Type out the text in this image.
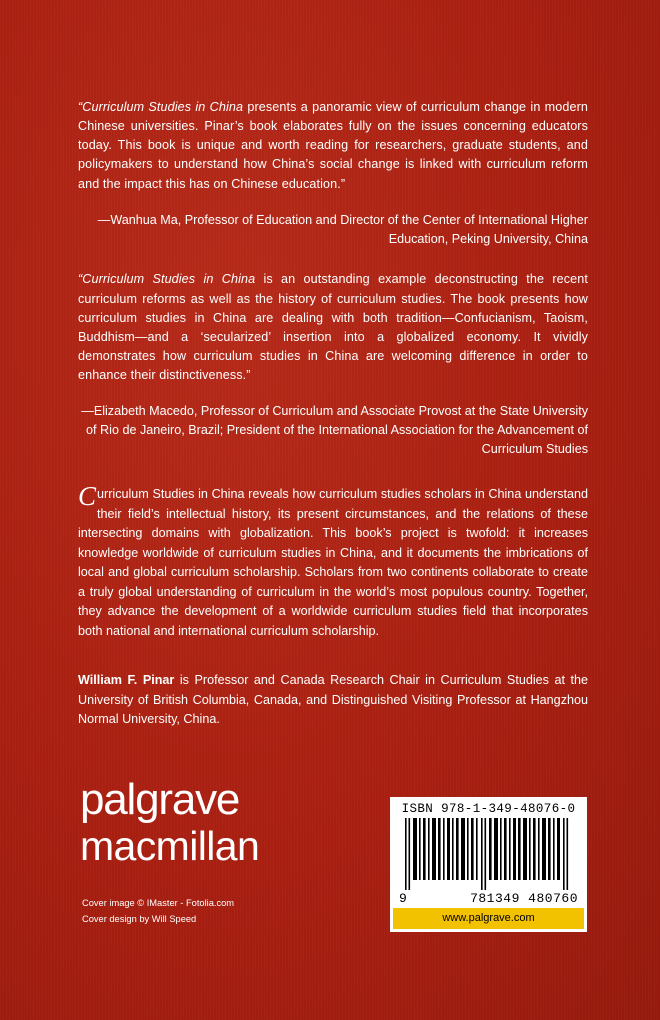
“Curriculum Studies in China presents a panoramic view of curriculum change in modern Chinese universities. Pinar’s book elaborates fully on the issues concerning educators today. This book is unique and worth reading for researchers, graduate students, and policymakers to understand how China’s social change is linked with curriculum reform and the impact this has on Chinese education.”
—Wanhua Ma, Professor of Education and Director of the Center of International Higher Education, Peking University, China
“Curriculum Studies in China is an outstanding example deconstructing the recent curriculum reforms as well as the history of curriculum studies. The book presents how curriculum studies in China are dealing with both tradition—Confucianism, Taoism, Buddhism—and a ‘secularized’ insertion into a globalized economy. It vividly demonstrates how curriculum studies in China are welcoming difference in order to enhance their distinctiveness.”
—Elizabeth Macedo, Professor of Curriculum and Associate Provost at the State University of Rio de Janeiro, Brazil; President of the International Association for the Advancement of Curriculum Studies
Curriculum Studies in China reveals how curriculum studies scholars in China understand their field’s intellectual history, its present circumstances, and the relations of these intersecting domains with globalization. This book’s project is twofold: it increases knowledge worldwide of curriculum studies in China, and it documents the imbrications of local and global curriculum scholarship. Scholars from two continents collaborate to create a truly global understanding of curriculum in the world’s most populous country. Together, they advance the development of a worldwide curriculum studies field that incorporates both national and international curriculum scholarship.
William F. Pinar is Professor and Canada Research Chair in Curriculum Studies at the University of British Columbia, Canada, and Distinguished Visiting Professor at Hangzhou Normal University, China.
palgrave
macmillan
Cover image © IMaster - Fotolia.com
Cover design by Will Speed
ISBN 978-1-349-48076-0
9	781349 480760
www.palgrave.com
